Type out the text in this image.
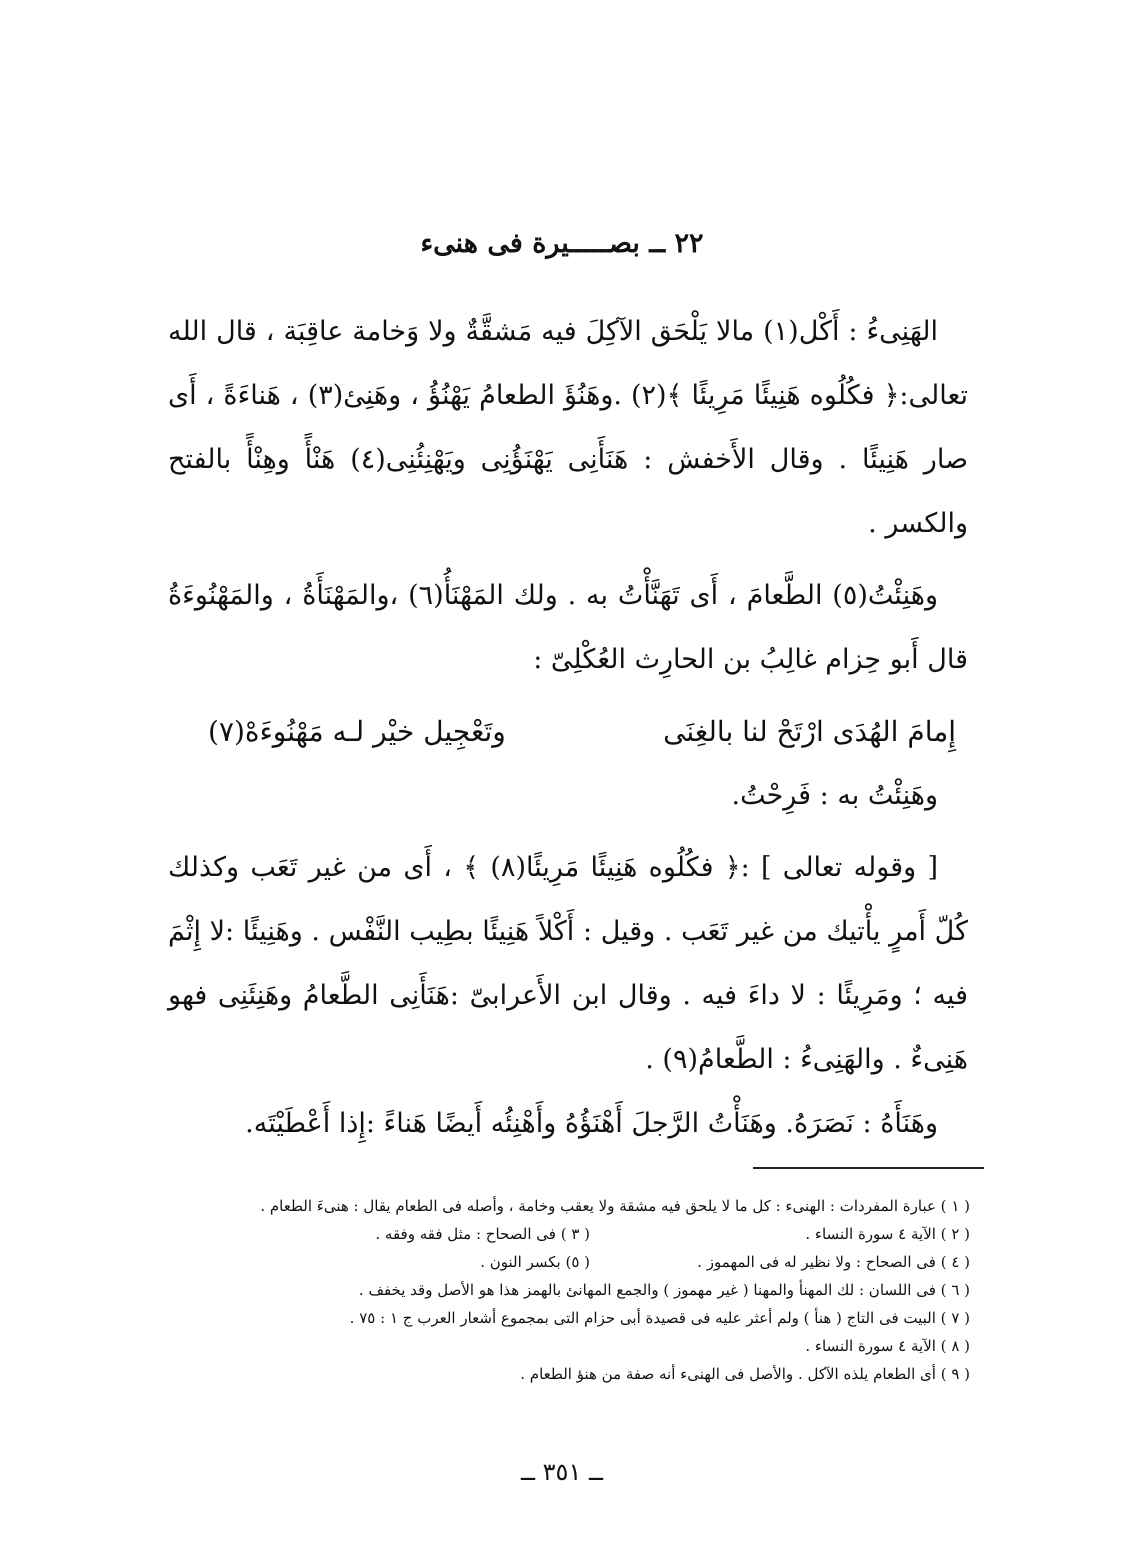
٢٢ ــ بصـــــيرة فى هنىء

الهَنِىءُ : أَكْل(١) مالا يَلْحَق الآكِلَ فيه مَشقَّةٌ ولا وَخامة عاقِبَة ، قال الله تعالى:﴿ فكُلُوه هَنِيئًا مَرِيئًا ﴾(٢) .وهَنُؤَ الطعامُ يَهْنُؤُ ، وهَنِئ(٣) ، هَناءَةً ، أَى صار هَنِيئًا . وقال الأَخفش : هَنَأَنِى يَهْنَؤُنِى ويَهْنِئُنِى(٤) هَنْأً وهِنْأً بالفتح والكسر .

وهَنِئْتُ(٥) الطَّعامَ ، أَى تَهَنَّأْتُ به . ولك المَهْنَأُ(٦) ،والمَهْنَأَةُ ، والمَهْنُوءَةُ قال أَبو حِزام غالِبُ بن الحارِث العُكْلِىّ :

إِمامَ الهُدَى ارْتَحْ لنا بالغِنَى
وتَعْجِيل خيْر لـه مَهْنُوءَهْ(٧)

وهَنِئْتُ به : فَرِحْتُ.

[ وقوله تعالى ] :﴿ فكُلُوه هَنِيئًا مَرِيئًا(٨) ﴾ ، أَى من غير تَعَب وكذلك كُلّ أَمرٍ يأْتيك من غير تَعَب . وقيل : أَكْلاً هَنِيئًا بطِيب النَّفْس . وهَنِيئًا :لا إِثْمَ فيه ؛ ومَرِيئًا : لا داءَ فيه . وقال ابن الأَعرابىّ :هَنَأَنِى الطَّعامُ وهَنِئَنِى فهو هَنِىءٌ . والهَنِىءُ : الطَّعامُ(٩) .

وهَنَأَهُ : نَصَرَهُ. وهَنَأْتُ الرَّجلَ أَهْنَؤُهُ وأَهْنِئُه أَيضًا هَناءً :إِذا أَعْطَيْتَه.

( ١ ) عبارة المفردات : الهنىء : كل ما لا يلحق فيه مشقة ولا يعقب وخامة ، وأصله فى الطعام يقال : هنىءَ الطعام .
( ٢ ) الآية ٤ سورة النساء .
( ٣ ) فى الصحاح : مثل فقه وفقه .
( ٤ ) فى الصحاح : ولا نظير له فى المهموز .
( ٥) بكسر النون .
( ٦ ) فى اللسان : لك المهنأ والمهنا ( غير مهموز ) والجمع المهانئ بالهمز هذا هو الأصل وقد يخفف .
( ٧ ) البيت فى التاج ( هنأ ) ولم أعثر عليه فى قصيدة أبى حزام التى بمجموع أشعار العرب ج ١ : ٧٥ .
( ٨ ) الآية ٤ سورة النساء .
( ٩ ) أى الطعام يلذه الآكل . والأصل فى الهنىء أنه صفة من هنؤ الطعام .
ــ ٣٥١ ــ
